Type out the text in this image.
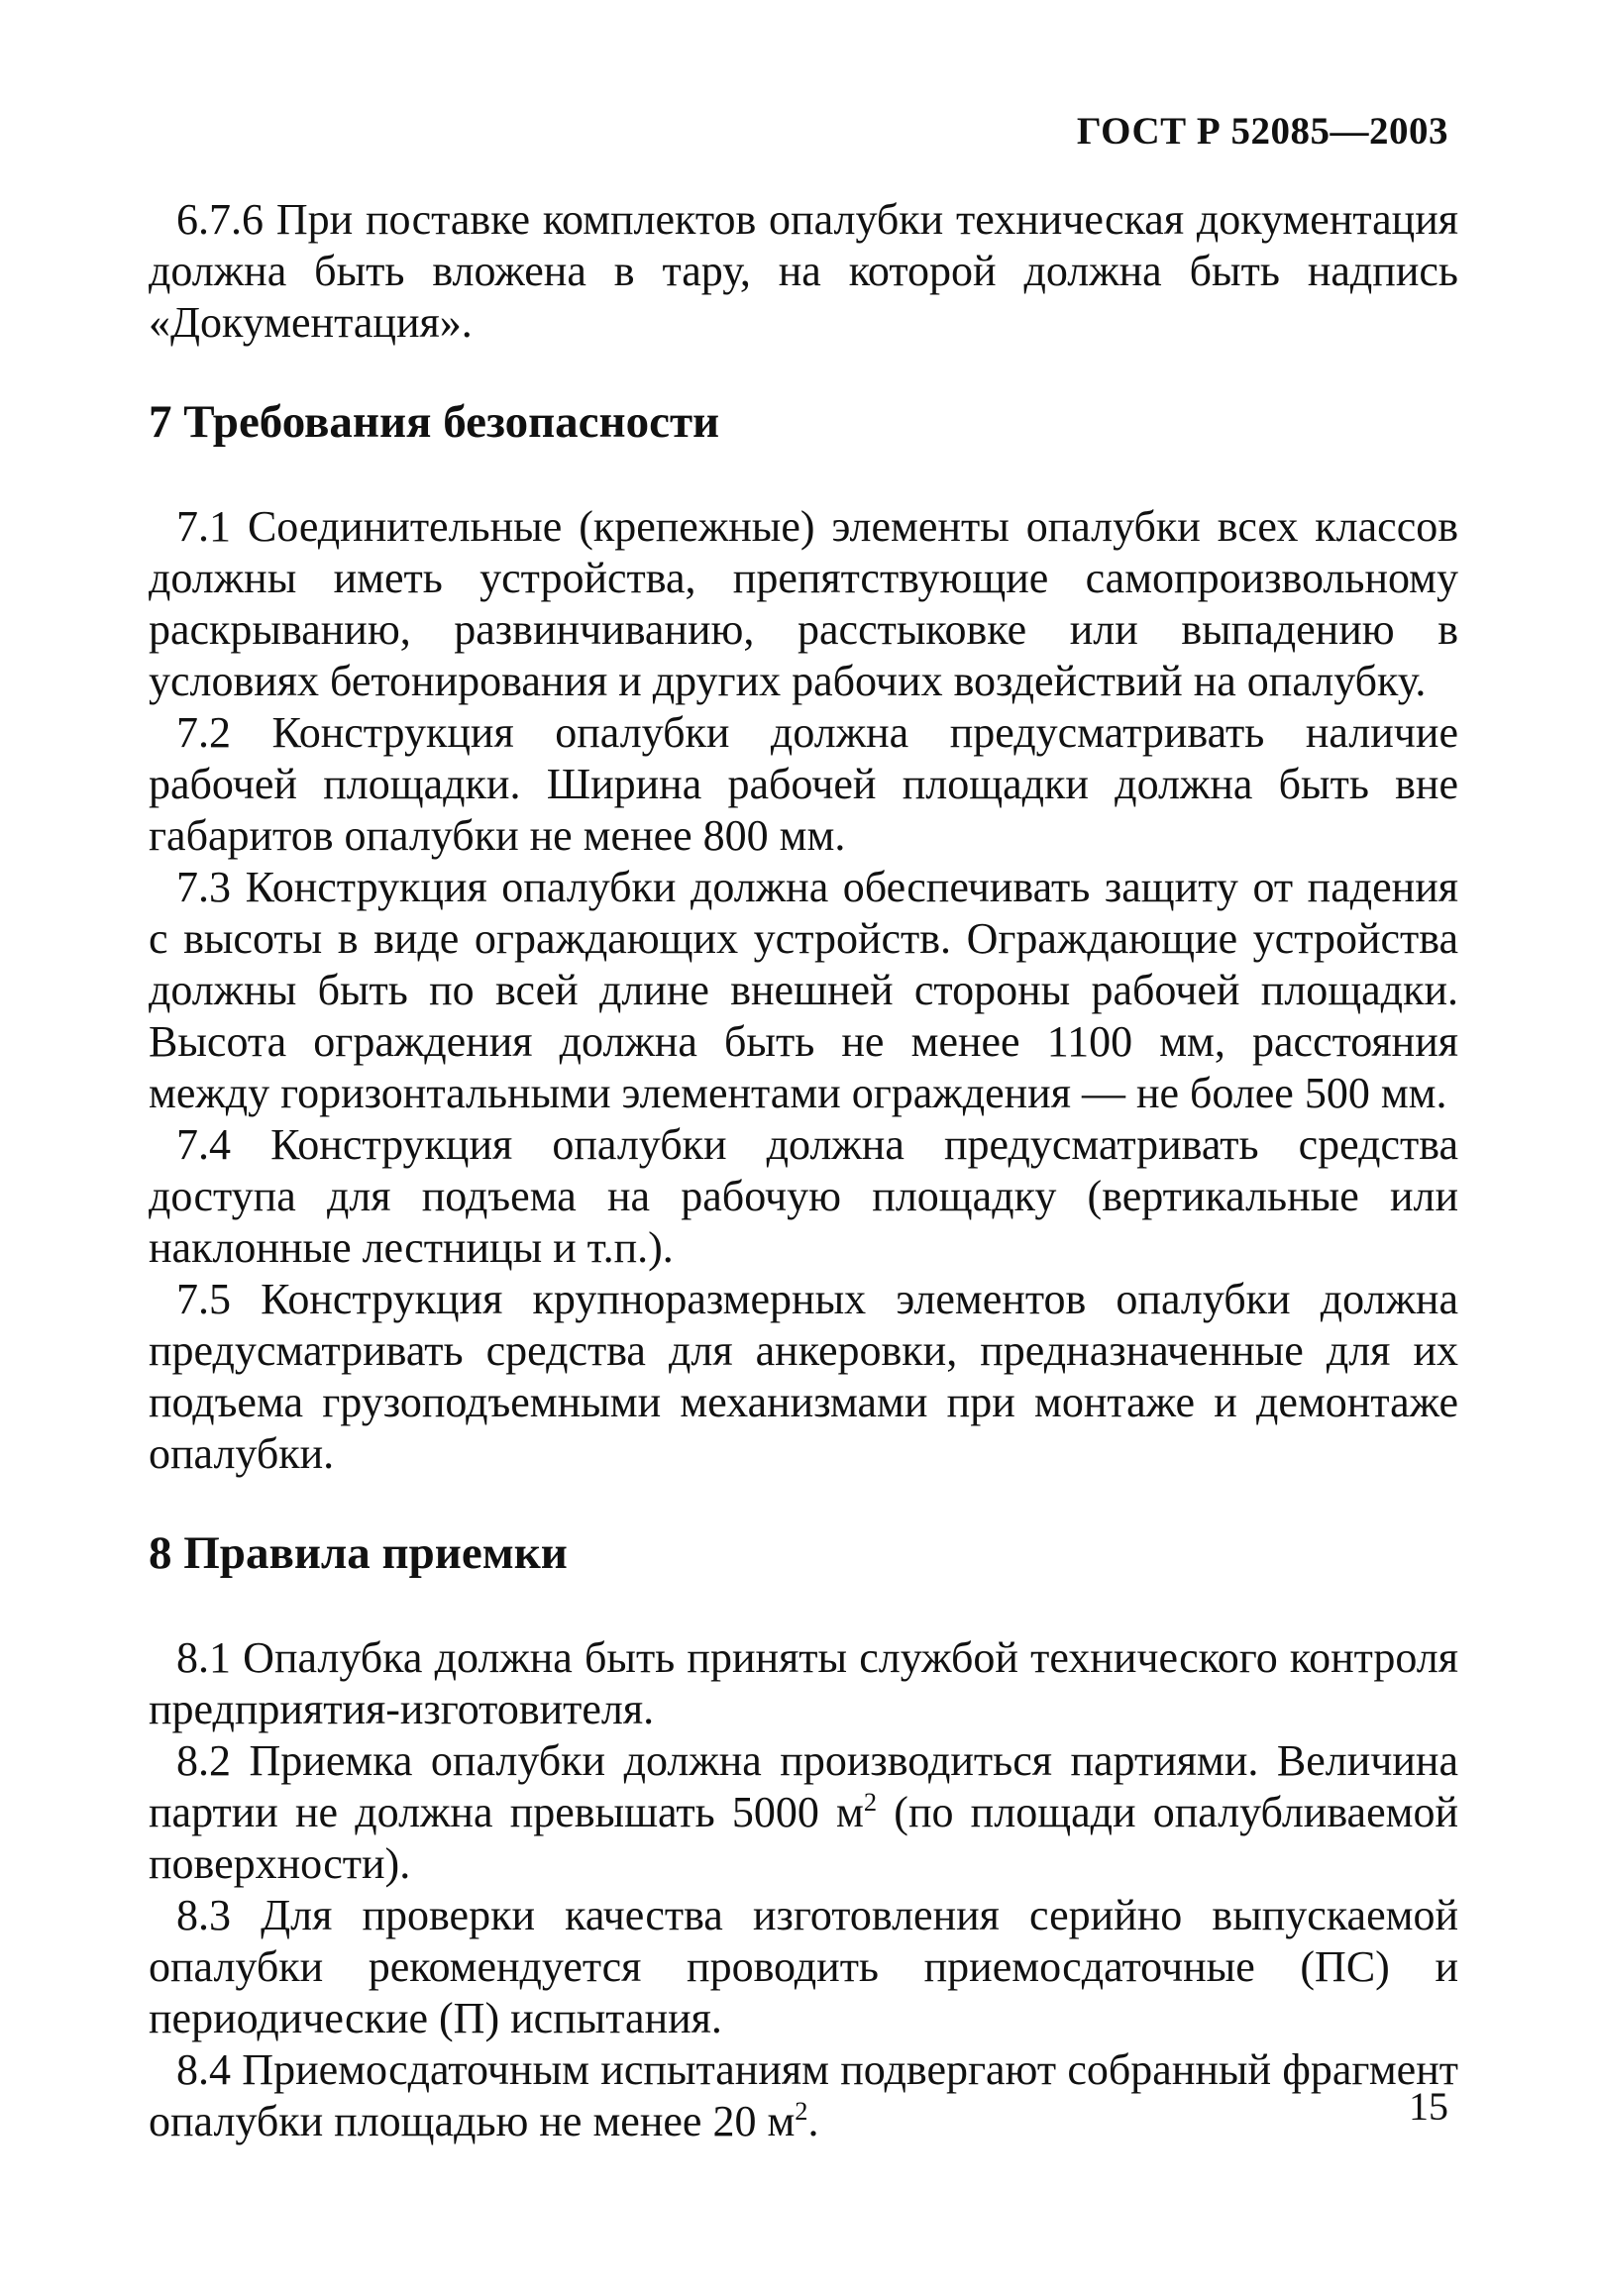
ГОСТ Р 52085—2003

6.7.6 При поставке комплектов опалубки техническая документация должна быть вложена в тару, на которой должна быть надпись «Документация».

7 Требования безопасности

7.1 Соединительные (крепежные) элементы опалубки всех классов должны иметь устройства, препятствующие самопроизвольному раскрыванию, развинчиванию, расстыковке или выпадению в условиях бетонирования и других рабочих воздействий на опалубку.

7.2 Конструкция опалубки должна предусматривать наличие рабочей площадки. Ширина рабочей площадки должна быть вне габаритов опалубки не менее 800 мм.

7.3 Конструкция опалубки должна обеспечивать защиту от падения с высоты в виде ограждающих устройств. Ограждающие устройства должны быть по всей длине внешней стороны рабочей площадки. Высота ограждения должна быть не менее 1100 мм, расстояния между горизонтальными элементами ограждения — не более 500 мм.

7.4 Конструкция опалубки должна предусматривать средства доступа для подъема на рабочую площадку (вертикальные или наклонные лестницы и т.п.).

7.5 Конструкция крупноразмерных элементов опалубки должна предусматривать средства для анкеровки, предназначенные для их подъема грузоподъемными механизмами при монтаже и демонтаже опалубки.

8 Правила приемки

8.1 Опалубка должна быть приняты службой технического контроля предприятия-изготовителя.

8.2 Приемка опалубки должна производиться партиями. Величина партии не должна превышать 5000 $м^2$ (по площади опалубливаемой поверхности).

8.3 Для проверки качества изготовления серийно выпускаемой опалубки рекомендуется проводить приемосдаточные (ПС) и периодические (П) испытания.

8.4 Приемосдаточным испытаниям подвергают собранный фрагмент опалубки площадью не менее 20 $м^2$.	15
